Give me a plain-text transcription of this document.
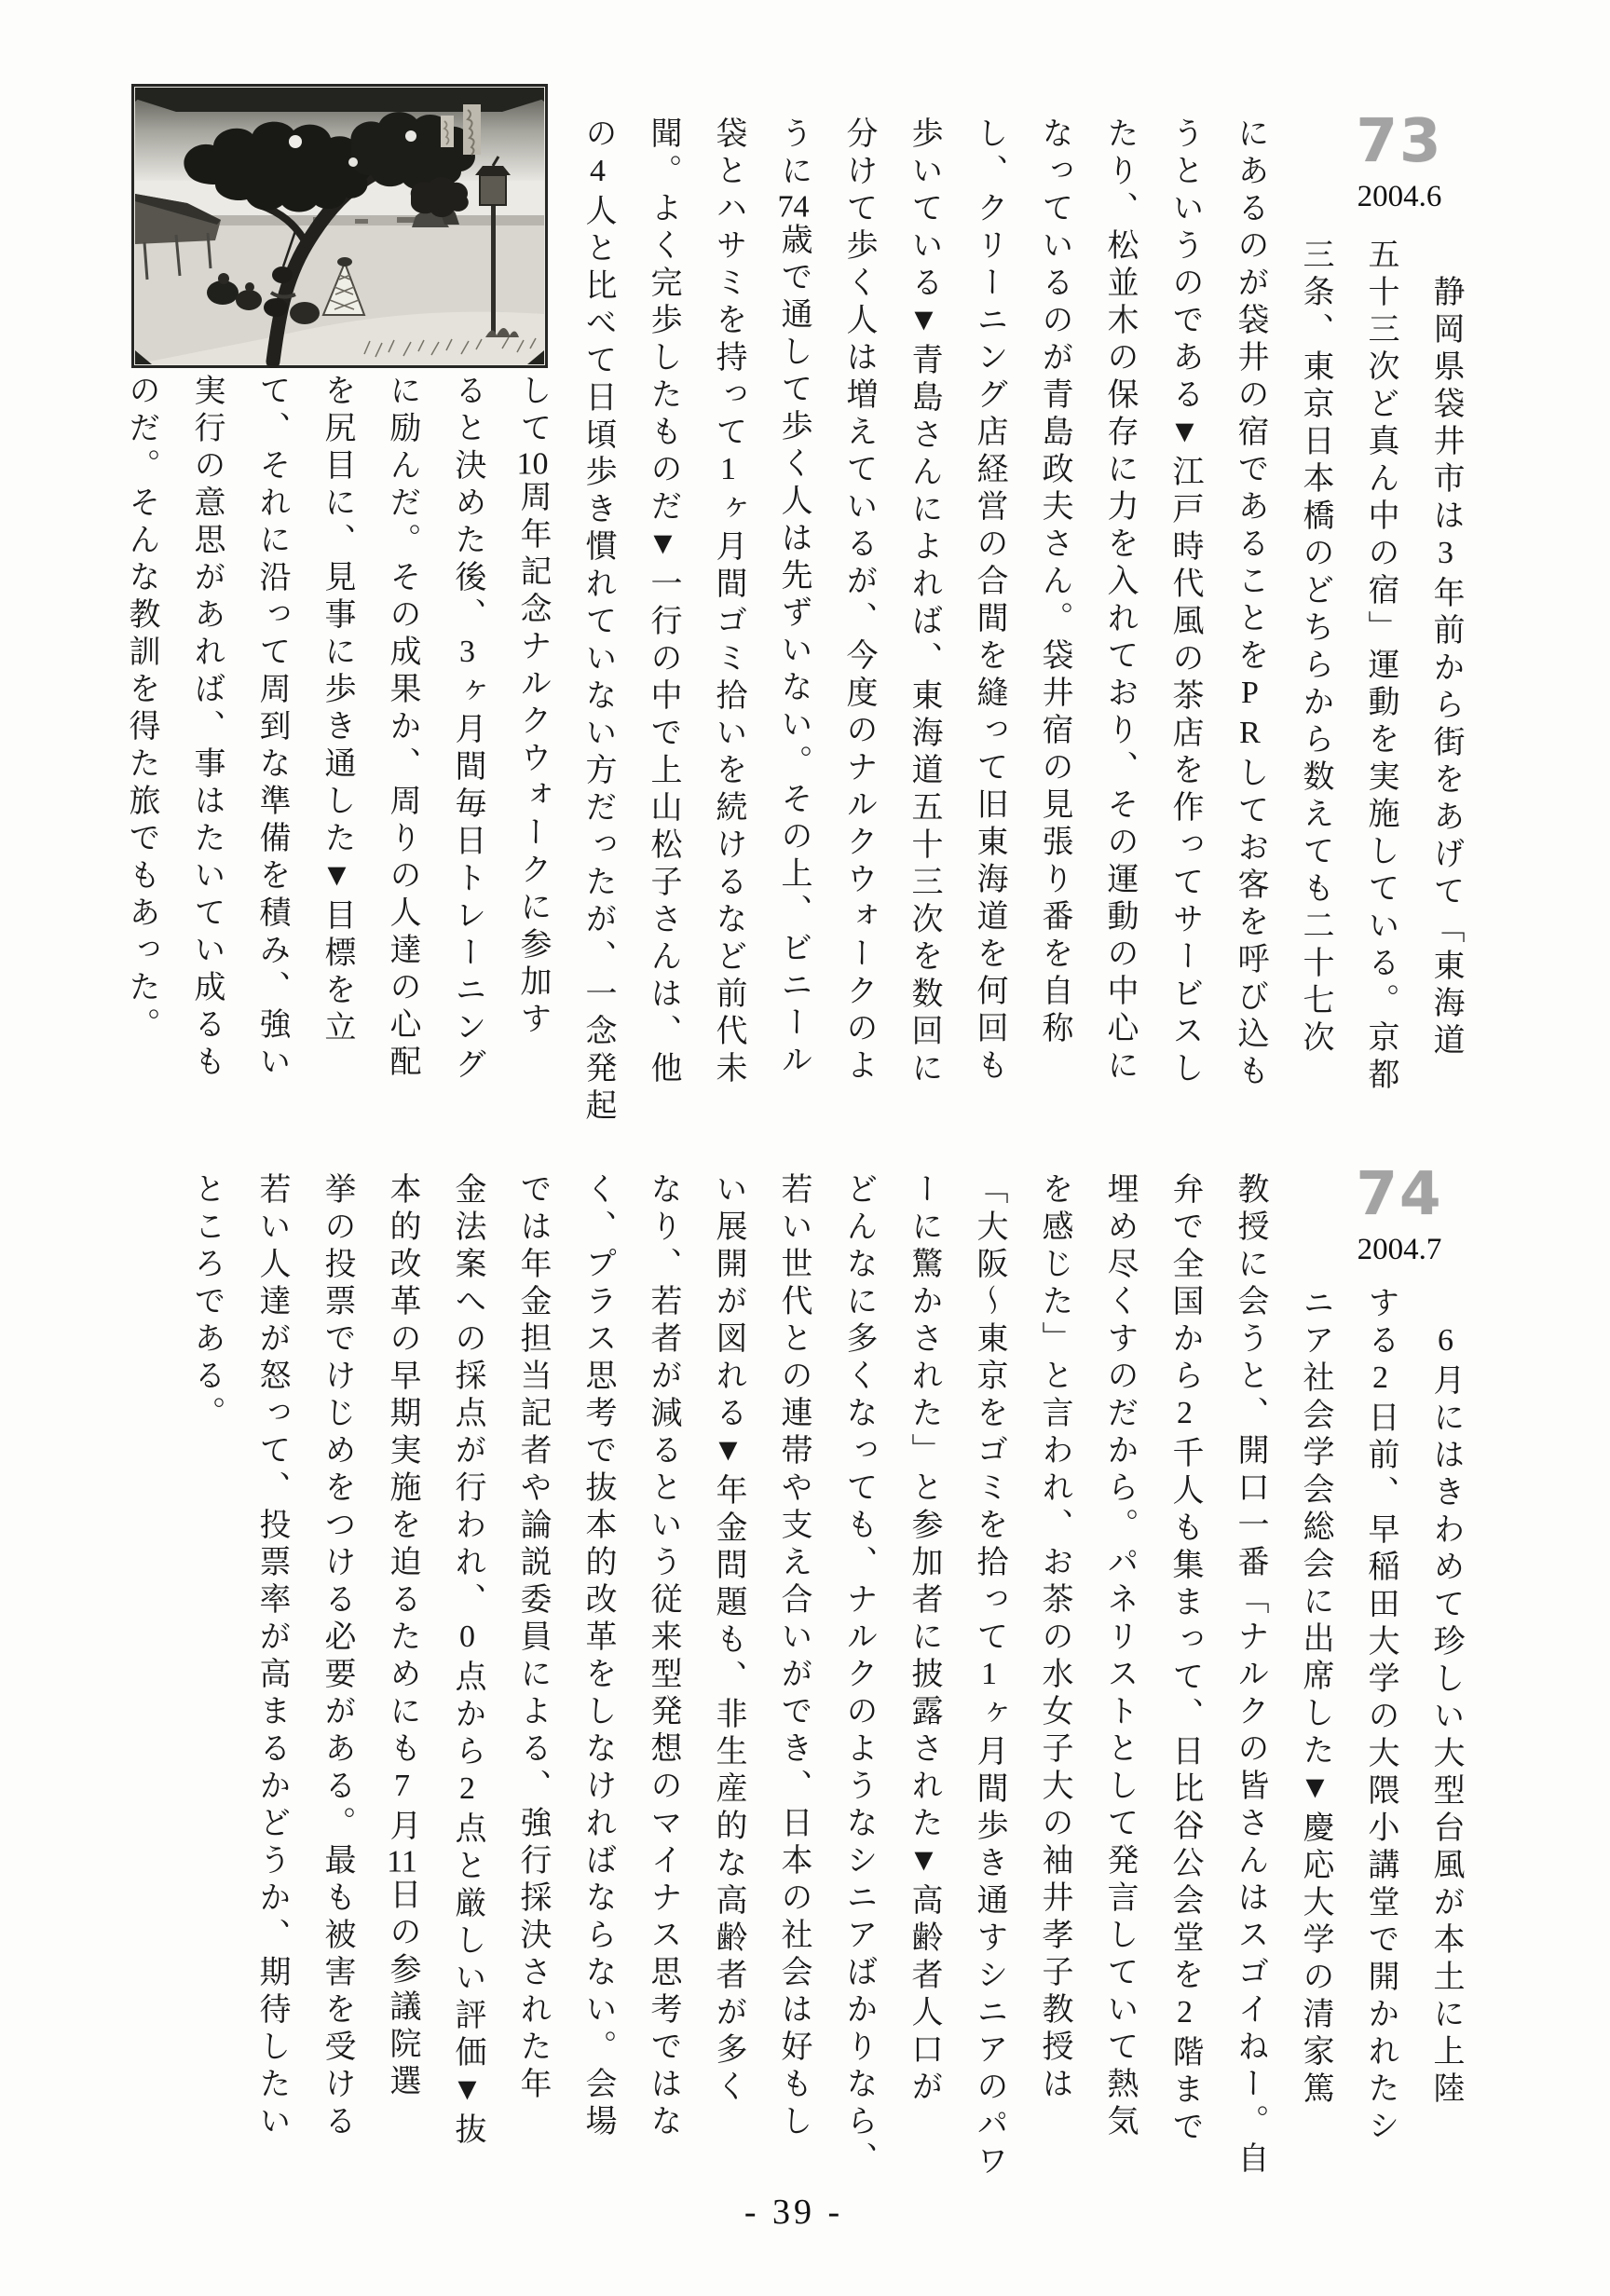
73
2004.6
　静岡県袋井市は3年前から街をあげて「東海道
五十三次ど真ん中の宿」運動を実施している。京都
三条、東京日本橋のどちらから数えても二十七次
にあるのが袋井の宿であることをPRしてお客を呼び込も
うというのである▼江戸時代風の茶店を作ってサービスし
たり、松並木の保存に力を入れており、その運動の中心に
なっているのが青島政夫さん。袋井宿の見張り番を自称
し、クリーニング店経営の合間を縫って旧東海道を何回も
歩いている▼青島さんによれば、東海道五十三次を数回に
分けて歩く人は増えているが、今度のナルクウォークのよ
うに74歳で通して歩く人は先ずいない。その上、ビニール
袋とハサミを持って1ヶ月間ゴミ拾いを続けるなど前代未
聞。よく完歩したものだ▼一行の中で上山松子さんは、他
の4人と比べて日頃歩き慣れていない方だったが、一念発起
して10周年記念ナルクウォークに参加す
ると決めた後、3ヶ月間毎日トレーニング
に励んだ。その成果か、周りの人達の心配
を尻目に、見事に歩き通した▼目標を立
て、それに沿って周到な準備を積み、強い
実行の意思があれば、事はたいてい成るも
のだ。そんな教訓を得た旅でもあった。
74
2004.7
　6月にはきわめて珍しい大型台風が本土に上陸
する2日前、早稲田大学の大隈小講堂で開かれたシ
ニア社会学会総会に出席した▼慶応大学の清家篤
教授に会うと、開口一番「ナルクの皆さんはスゴイねー。自
弁で全国から2千人も集まって、日比谷公会堂を2階まで
埋め尽くすのだから。パネリストとして発言していて熱気
を感じた」と言われ、お茶の水女子大の袖井孝子教授は
「大阪〜東京をゴミを拾って1ヶ月間歩き通すシニアのパワ
ーに驚かされた」と参加者に披露された▼高齢者人口が
どんなに多くなっても、ナルクのようなシニアばかりなら、
若い世代との連帯や支え合いができ、日本の社会は好もし
い展開が図れる▼年金問題も、非生産的な高齢者が多く
なり、若者が減るという従来型発想のマイナス思考ではな
く、プラス思考で抜本的改革をしなければならない。会場
では年金担当記者や論説委員による、強行採決された年
金法案への採点が行われ、0点から2点と厳しい評価▼抜
本的改革の早期実施を迫るためにも7月11日の参議院選
挙の投票でけじめをつける必要がある。最も被害を受ける
若い人達が怒って、投票率が高まるかどうか、期待したい
ところである。
- 39 -
